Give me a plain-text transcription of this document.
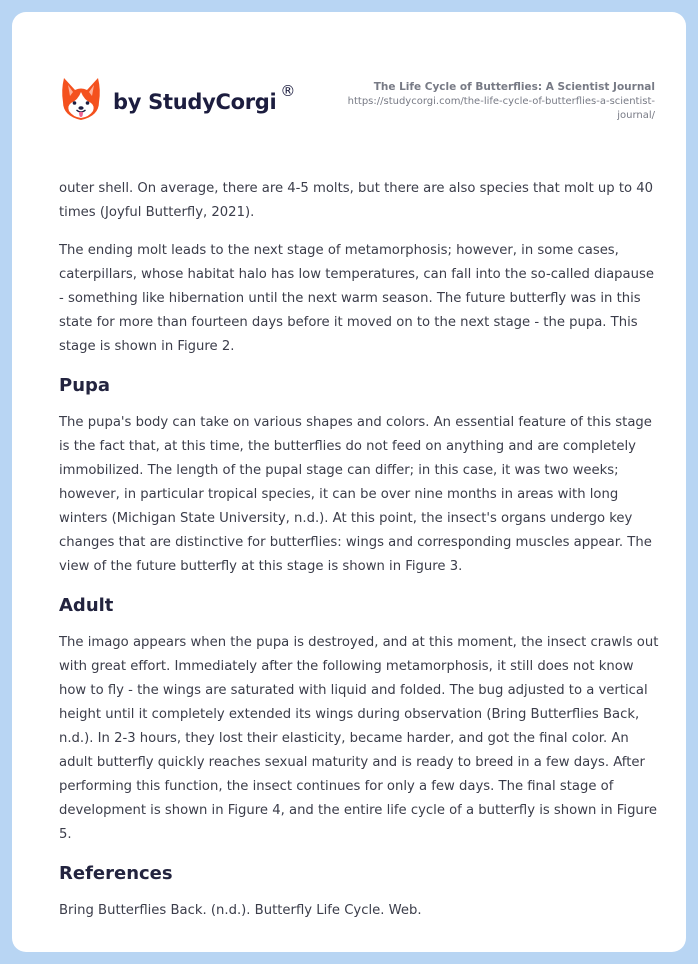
by StudyCorgi ®	The Life Cycle of Butterflies: A Scientist Journal
https://studycorgi.com/the-life-cycle-of-butterflies-a-scientist-journal/

outer shell. On average, there are 4-5 molts, but there are also species that molt up to 40 times (Joyful Butterfly, 2021).

The ending molt leads to the next stage of metamorphosis; however, in some cases, caterpillars, whose habitat halo has low temperatures, can fall into the so-called diapause - something like hibernation until the next warm season. The future butterfly was in this state for more than fourteen days before it moved on to the next stage - the pupa. This stage is shown in Figure 2.

Pupa

The pupa's body can take on various shapes and colors. An essential feature of this stage is the fact that, at this time, the butterflies do not feed on anything and are completely immobilized. The length of the pupal stage can differ; in this case, it was two weeks; however, in particular tropical species, it can be over nine months in areas with long winters (Michigan State University, n.d.). At this point, the insect's organs undergo key changes that are distinctive for butterflies: wings and corresponding muscles appear. The view of the future butterfly at this stage is shown in Figure 3.

Adult

The imago appears when the pupa is destroyed, and at this moment, the insect crawls out with great effort. Immediately after the following metamorphosis, it still does not know how to fly - the wings are saturated with liquid and folded. The bug adjusted to a vertical height until it completely extended its wings during observation (Bring Butterflies Back, n.d.). In 2-3 hours, they lost their elasticity, became harder, and got the final color. An adult butterfly quickly reaches sexual maturity and is ready to breed in a few days. After performing this function, the insect continues for only a few days. The final stage of development is shown in Figure 4, and the entire life cycle of a butterfly is shown in Figure 5.

References

Bring Butterflies Back. (n.d.). Butterfly Life Cycle. Web.
